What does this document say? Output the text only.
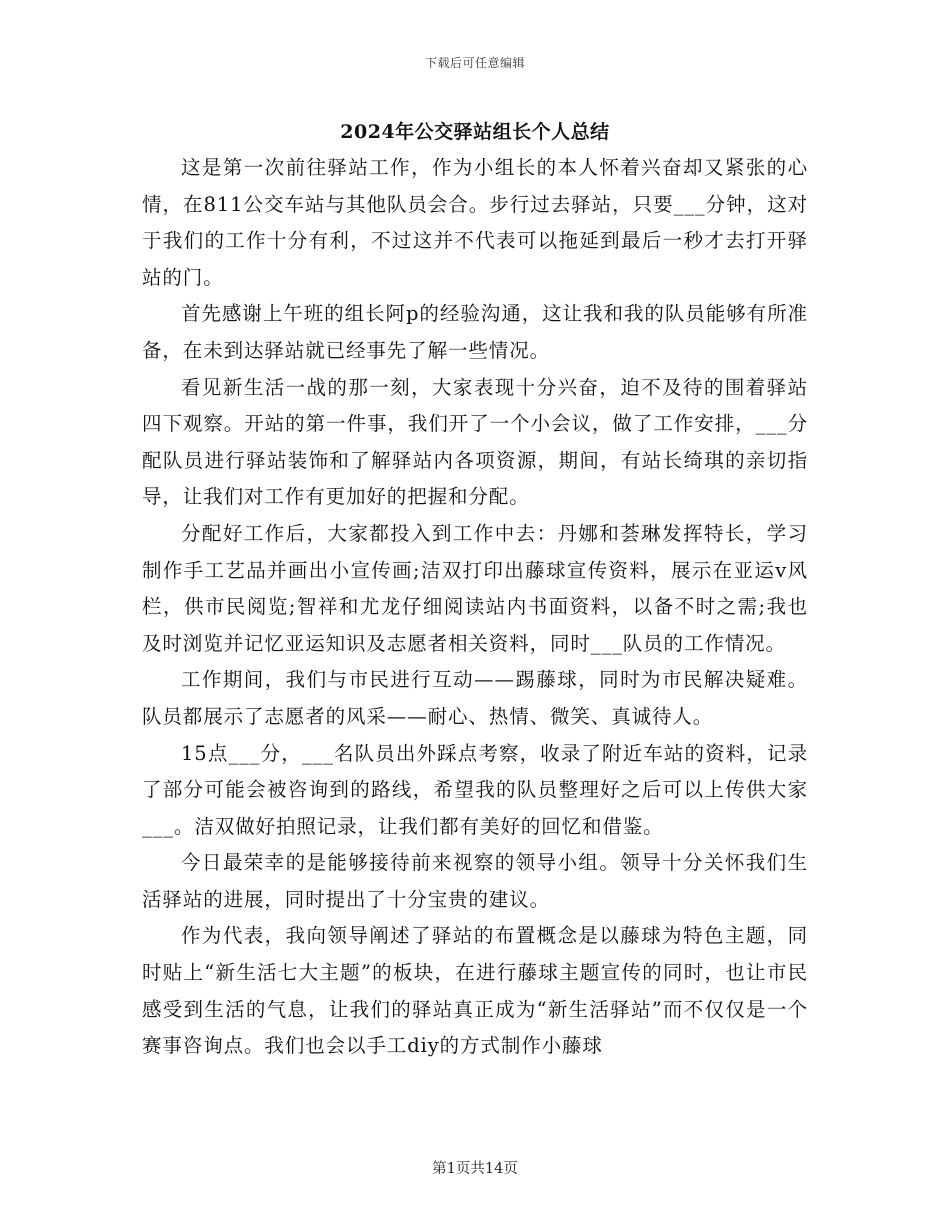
下载后可任意编辑
2024年公交驿站组长个人总结

这是第一次前往驿站工作，作为小组长的本人怀着兴奋却又紧张的心情，在811公交车站与其他队员会合。步行过去驿站，只要___分钟，这对于我们的工作十分有利，不过这并不代表可以拖延到最后一秒才去打开驿站的门。

首先感谢上午班的组长阿p的经验沟通，这让我和我的队员能够有所准备，在未到达驿站就已经事先了解一些情况。

看见新生活一战的那一刻，大家表现十分兴奋，迫不及待的围着驿站四下观察。开站的第一件事，我们开了一个小会议，做了工作安排，___分配队员进行驿站装饰和了解驿站内各项资源，期间，有站长绮琪的亲切指导，让我们对工作有更加好的把握和分配。

分配好工作后，大家都投入到工作中去：丹娜和荟琳发挥特长，学习制作手工艺品并画出小宣传画;洁双打印出藤球宣传资料，展示在亚运v风栏，供市民阅览;智祥和尤龙仔细阅读站内书面资料，以备不时之需;我也及时浏览并记忆亚运知识及志愿者相关资料，同时___队员的工作情况。

工作期间，我们与市民进行互动——踢藤球，同时为市民解决疑难。队员都展示了志愿者的风采——耐心、热情、微笑、真诚待人。

15点___分，___名队员出外踩点考察，收录了附近车站的资料，记录了部分可能会被咨询到的路线，希望我的队员整理好之后可以上传供大家___。洁双做好拍照记录，让我们都有美好的回忆和借鉴。

今日最荣幸的是能够接待前来视察的领导小组。领导十分关怀我们生活驿站的进展，同时提出了十分宝贵的建议。

作为代表，我向领导阐述了驿站的布置概念是以藤球为特色主题，同时贴上“新生活七大主题”的板块，在进行藤球主题宣传的同时，也让市民感受到生活的气息，让我们的驿站真正成为“新生活驿站”而不仅仅是一个赛事咨询点。我们也会以手工diy的方式制作小藤球

第1页共14页
